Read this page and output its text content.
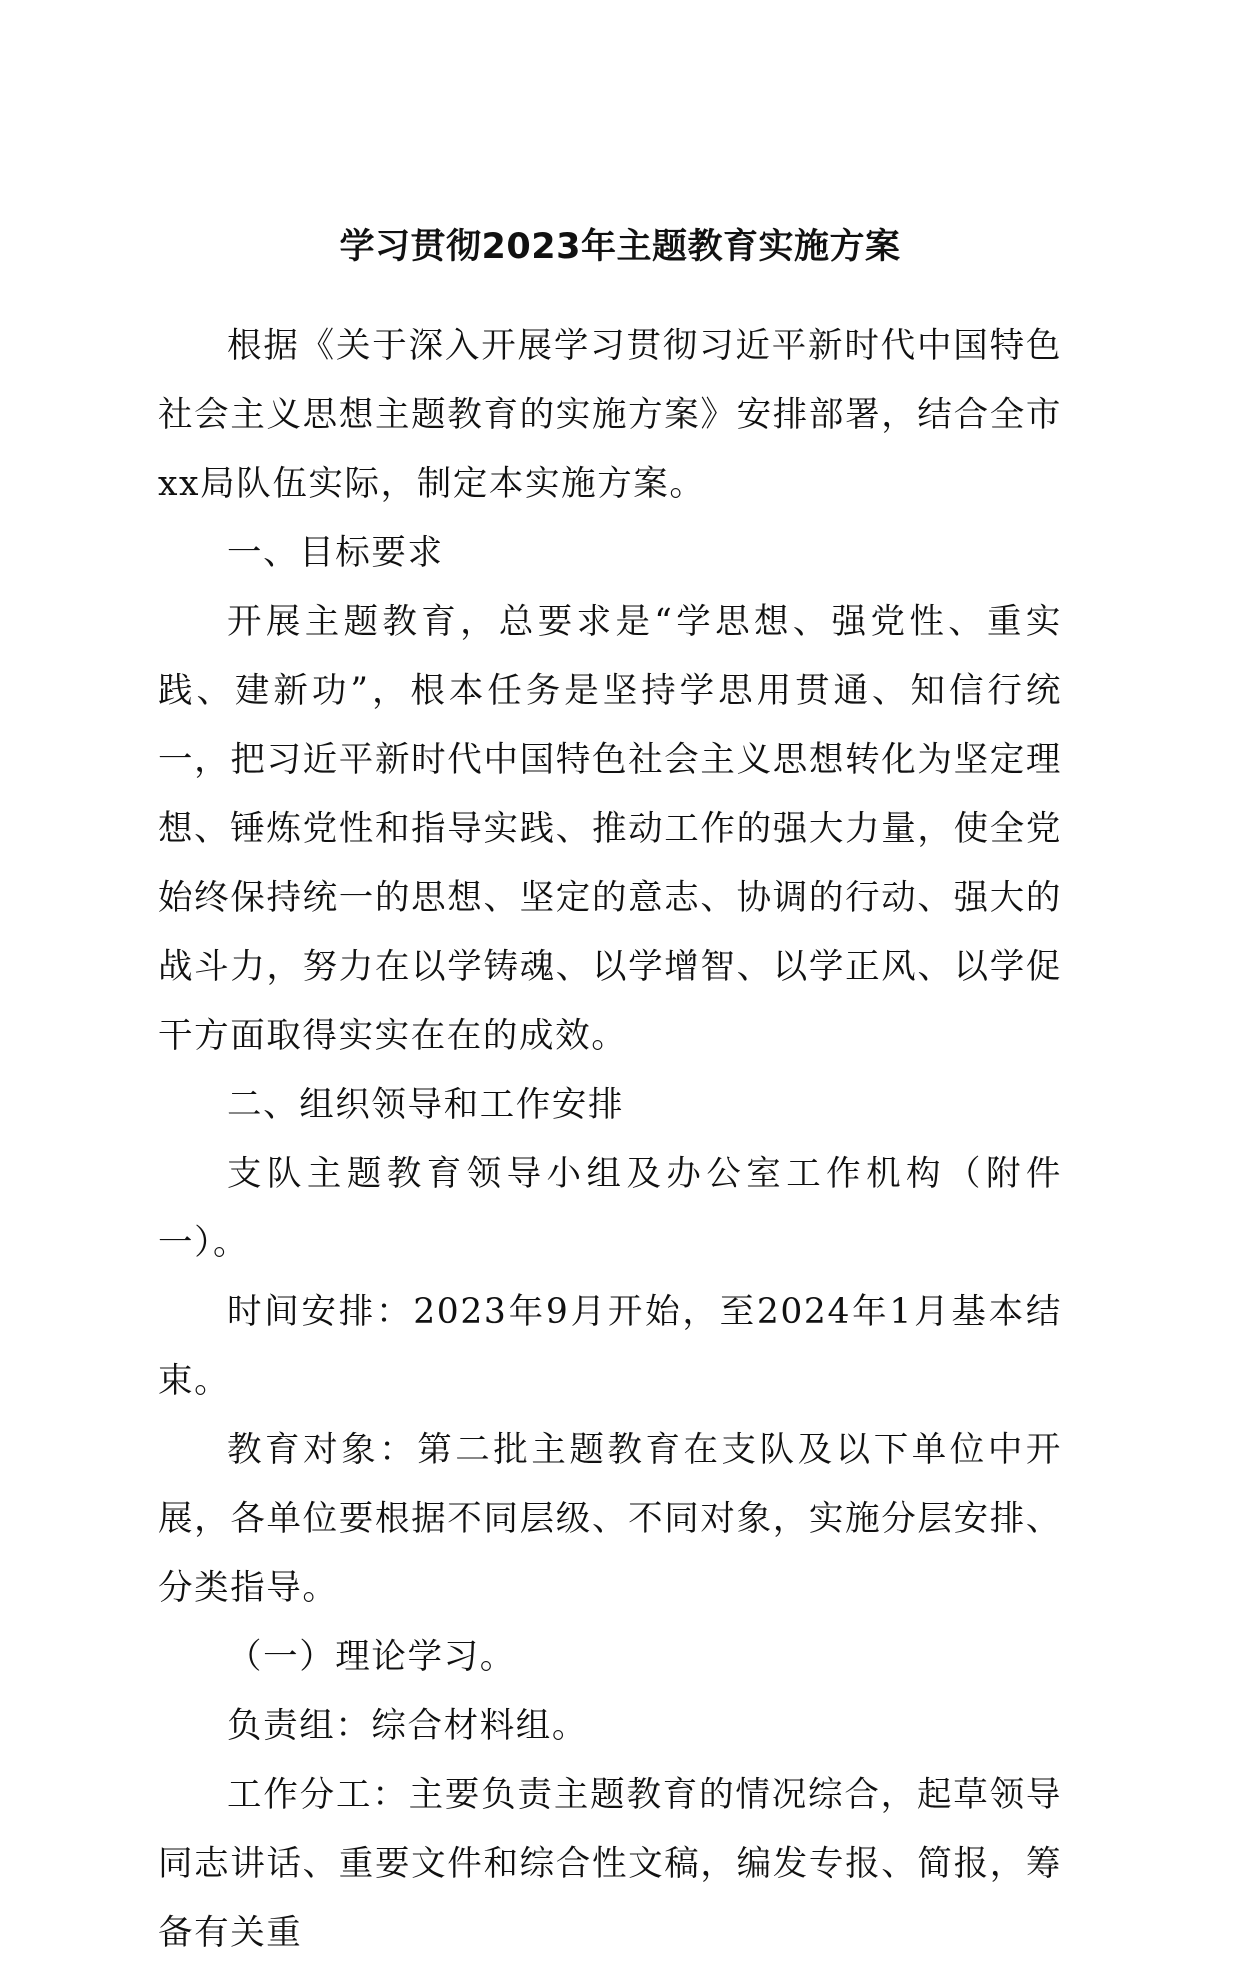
学习贯彻2023年主题教育实施方案

根据《关于深入开展学习贯彻习近平新时代中国特色社会主义思想主题教育的实施方案》安排部署，结合全市xx局队伍实际，制定本实施方案。

一、目标要求

开展主题教育，总要求是“学思想、强党性、重实践、建新功”，根本任务是坚持学思用贯通、知信行统一，把习近平新时代中国特色社会主义思想转化为坚定理想、锤炼党性和指导实践、推动工作的强大力量，使全党始终保持统一的思想、坚定的意志、协调的行动、强大的战斗力，努力在以学铸魂、以学增智、以学正风、以学促干方面取得实实在在的成效。

二、组织领导和工作安排

支队主题教育领导小组及办公室工作机构（附件一）。

时间安排：2023年9月开始，至2024年1月基本结束。

教育对象：第二批主题教育在支队及以下单位中开展，各单位要根据不同层级、不同对象，实施分层安排、分类指导。

（一）理论学习。

负责组：综合材料组。

工作分工：主要负责主题教育的情况综合，起草领导同志讲话、重要文件和综合性文稿，编发专报、简报，筹备有关重
